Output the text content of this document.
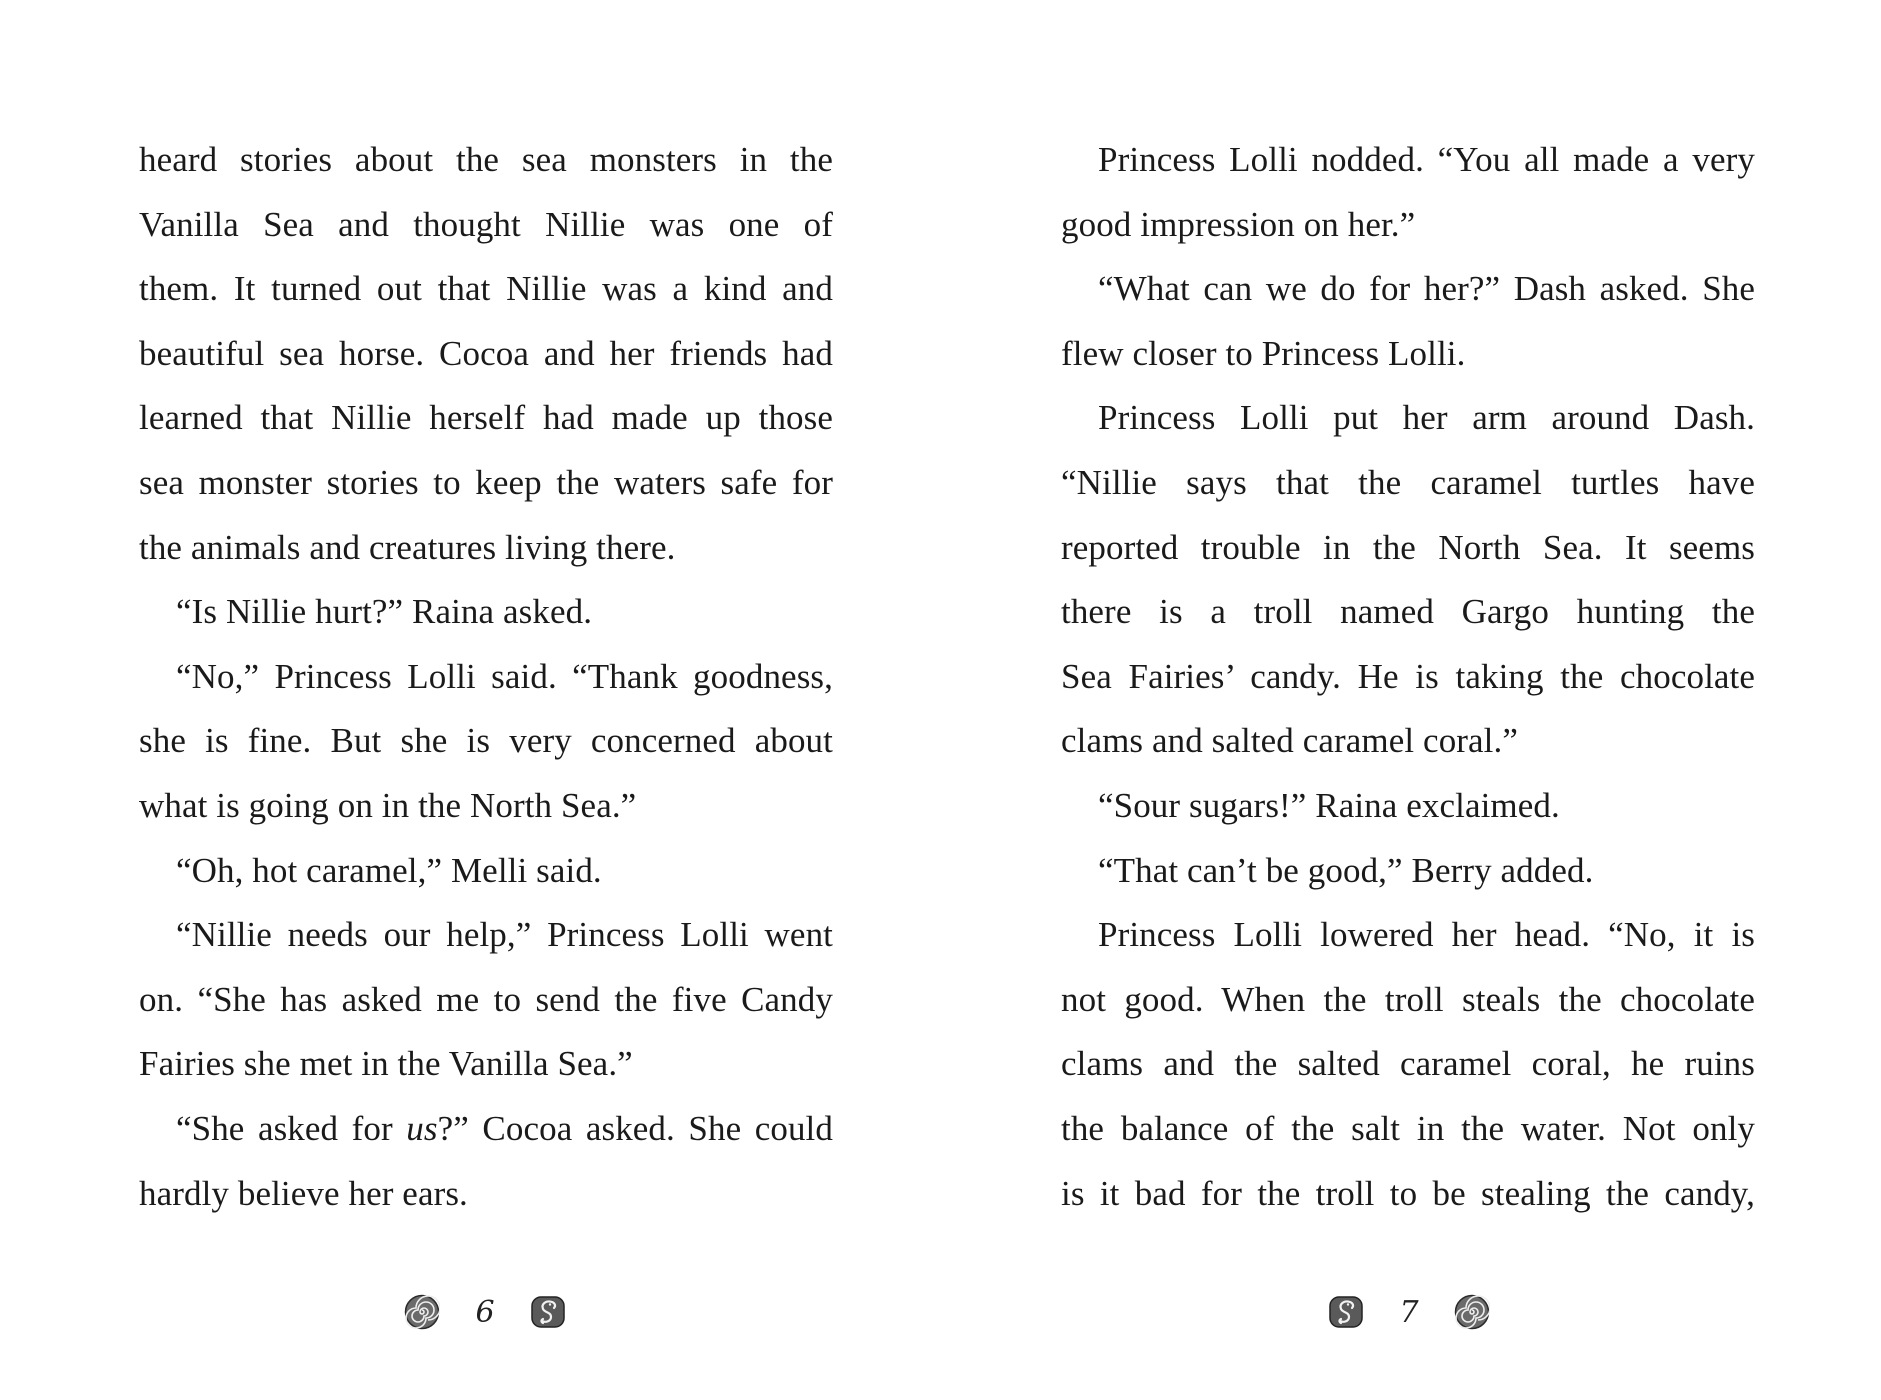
heard stories about the sea monsters in the
Vanilla Sea and thought Nillie was one of
them. It turned out that Nillie was a kind and
beautiful sea horse. Cocoa and her friends had
learned that Nillie herself had made up those
sea monster stories to keep the waters safe for
the animals and creatures living there.
“Is Nillie hurt?” Raina asked.
“No,” Princess Lolli said. “Thank goodness,
she is fine. But she is very concerned about
what is going on in the North Sea.”
“Oh, hot caramel,” Melli said.
“Nillie needs our help,” Princess Lolli went
on. “She has asked me to send the five Candy
Fairies she met in the Vanilla Sea.”
“She asked for us?” Cocoa asked. She could
hardly believe her ears.
6
Princess Lolli nodded. “You all made a very
good impression on her.”
“What can we do for her?” Dash asked. She
flew closer to Princess Lolli.
Princess Lolli put her arm around Dash.
“Nillie says that the caramel turtles have
reported trouble in the North Sea. It seems
there is a troll named Gargo hunting the
Sea Fairies’ candy. He is taking the chocolate
clams and salted caramel coral.”
“Sour sugars!” Raina exclaimed.
“That can’t be good,” Berry added.
Princess Lolli lowered her head. “No, it is
not good. When the troll steals the chocolate
clams and the salted caramel coral, he ruins
the balance of the salt in the water. Not only
is it bad for the troll to be stealing the candy,
7
